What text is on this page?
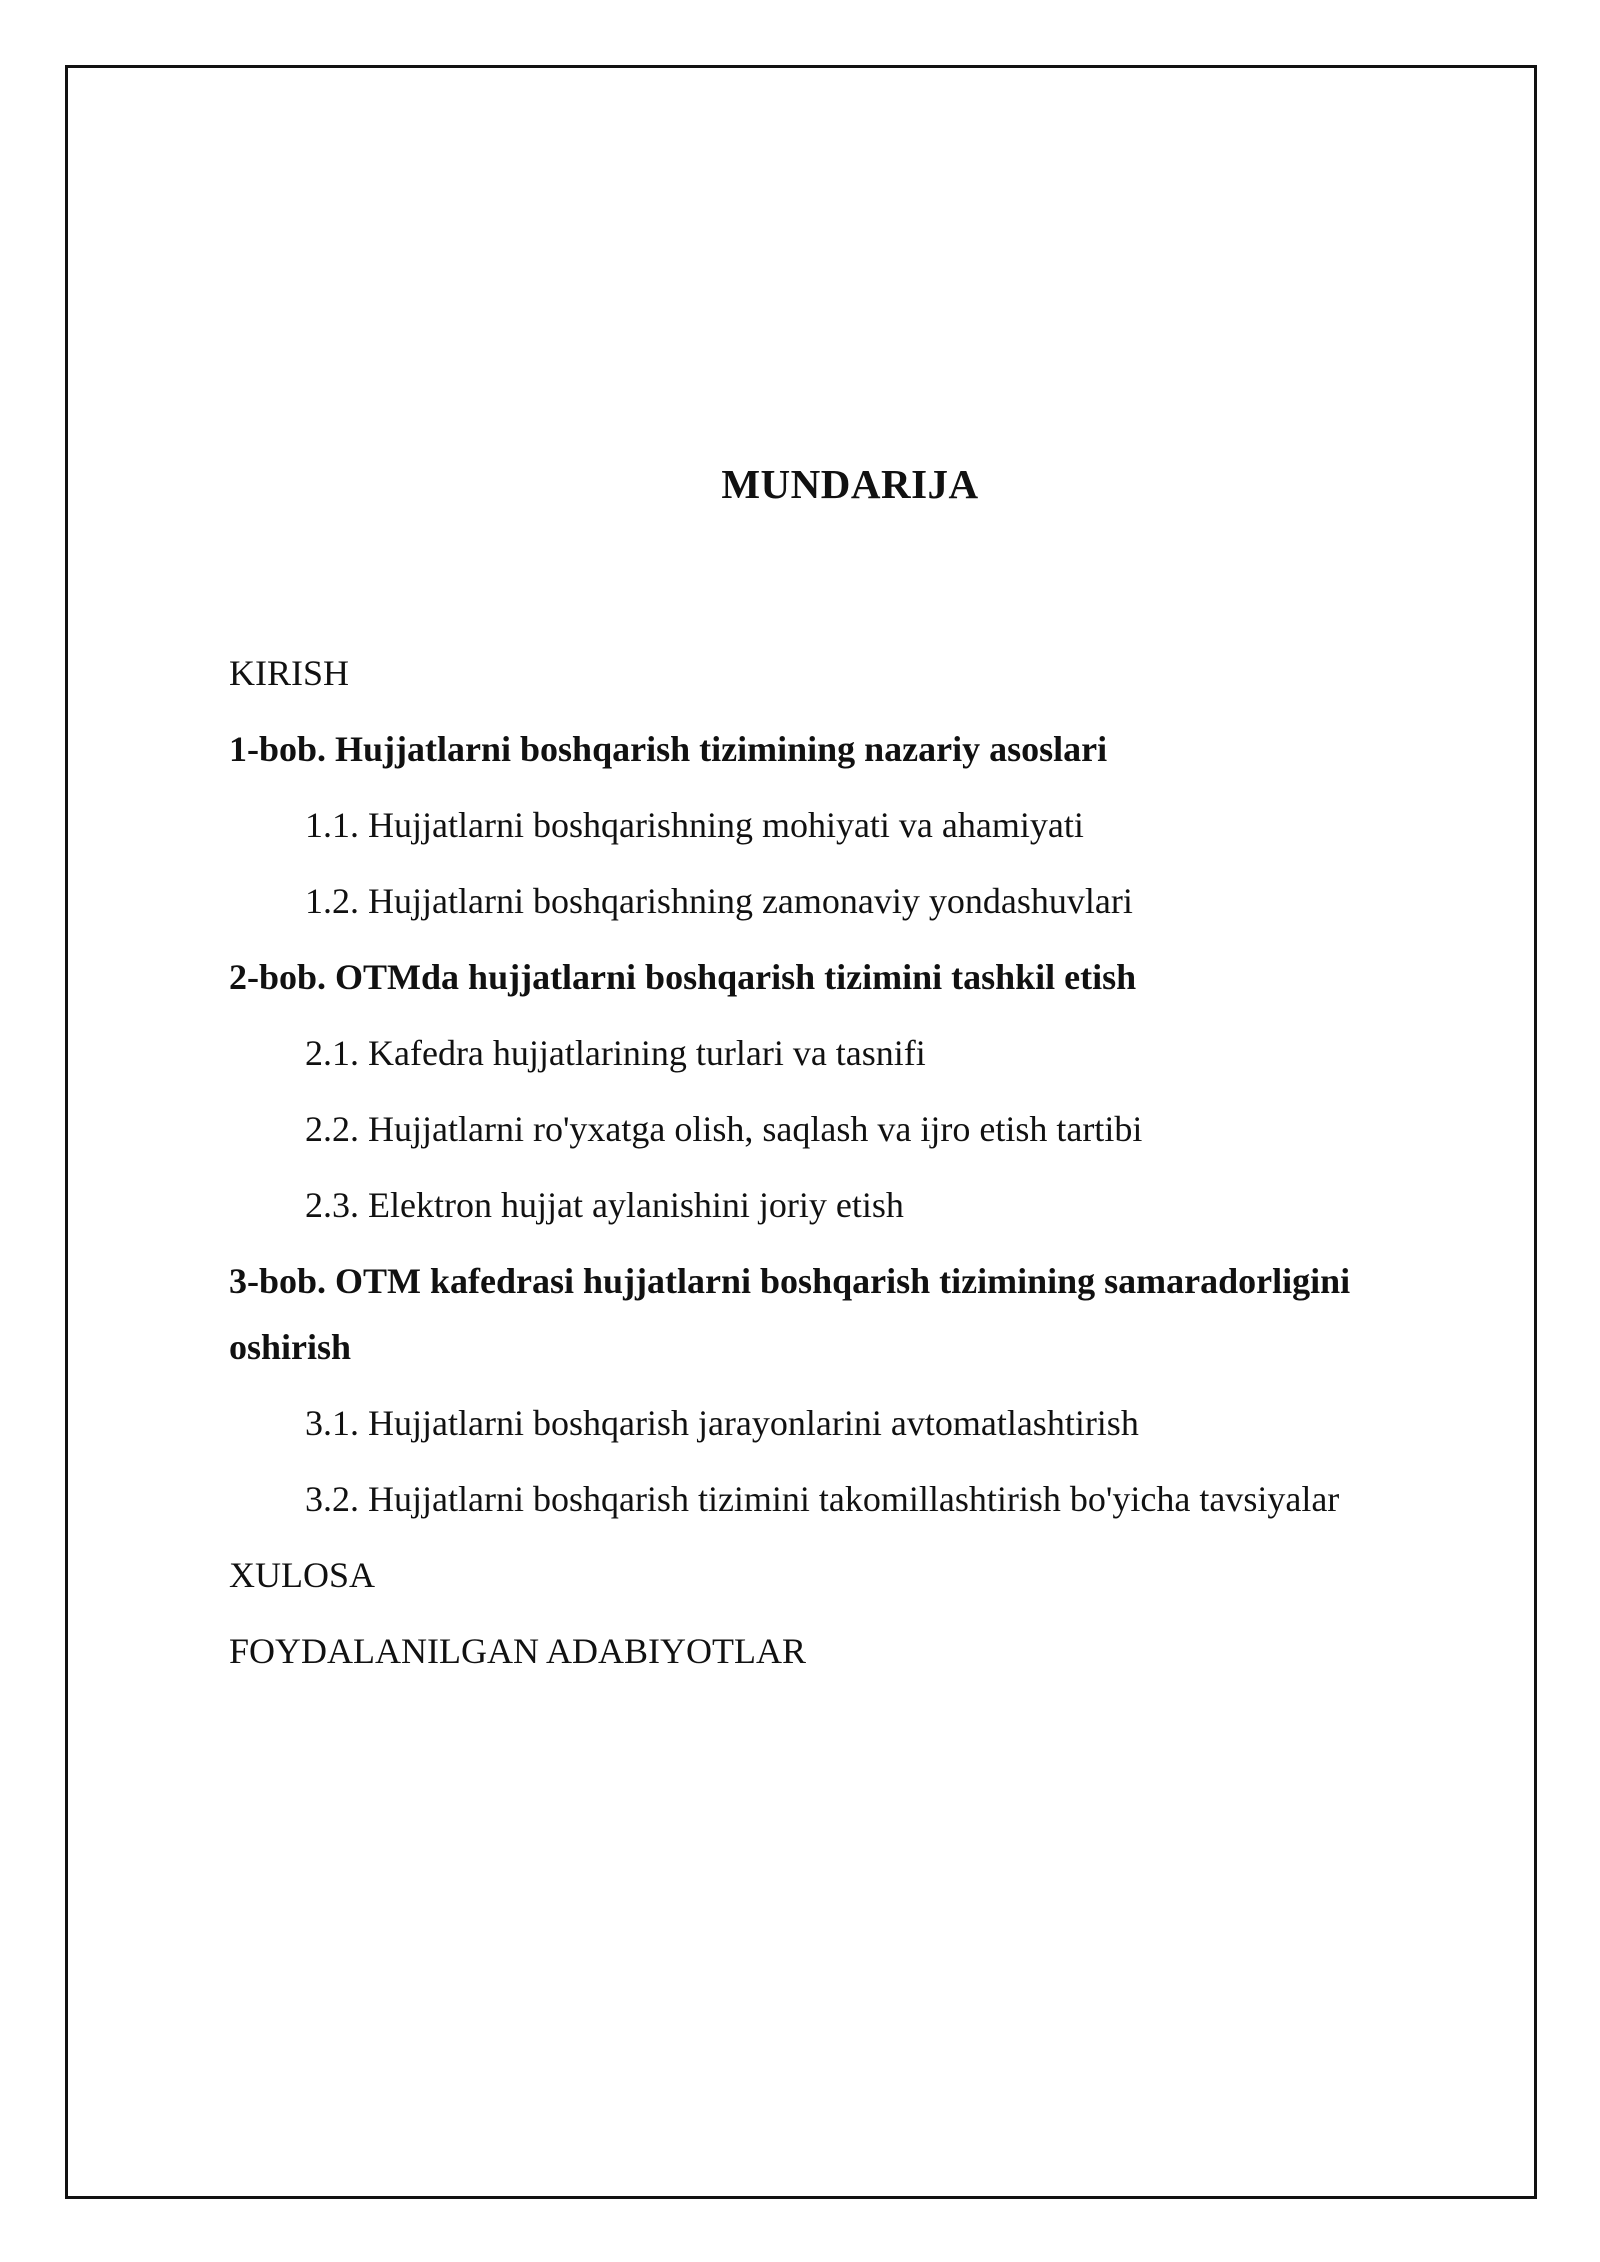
MUNDARIJA
KIRISH
1-bob. Hujjatlarni boshqarish tizimining nazariy asoslari
1.1. Hujjatlarni boshqarishning mohiyati va ahamiyati
1.2. Hujjatlarni boshqarishning zamonaviy yondashuvlari
2-bob. OTMda hujjatlarni boshqarish tizimini tashkil etish
2.1. Kafedra hujjatlarining turlari va tasnifi
2.2. Hujjatlarni ro'yxatga olish, saqlash va ijro etish tartibi
2.3. Elektron hujjat aylanishini joriy etish
3-bob. OTM kafedrasi hujjatlarni boshqarish tizimining samaradorligini oshirish
3.1. Hujjatlarni boshqarish jarayonlarini avtomatlashtirish
3.2. Hujjatlarni boshqarish tizimini takomillashtirish bo'yicha tavsiyalar
XULOSA
FOYDALANILGAN ADABIYOTLAR
